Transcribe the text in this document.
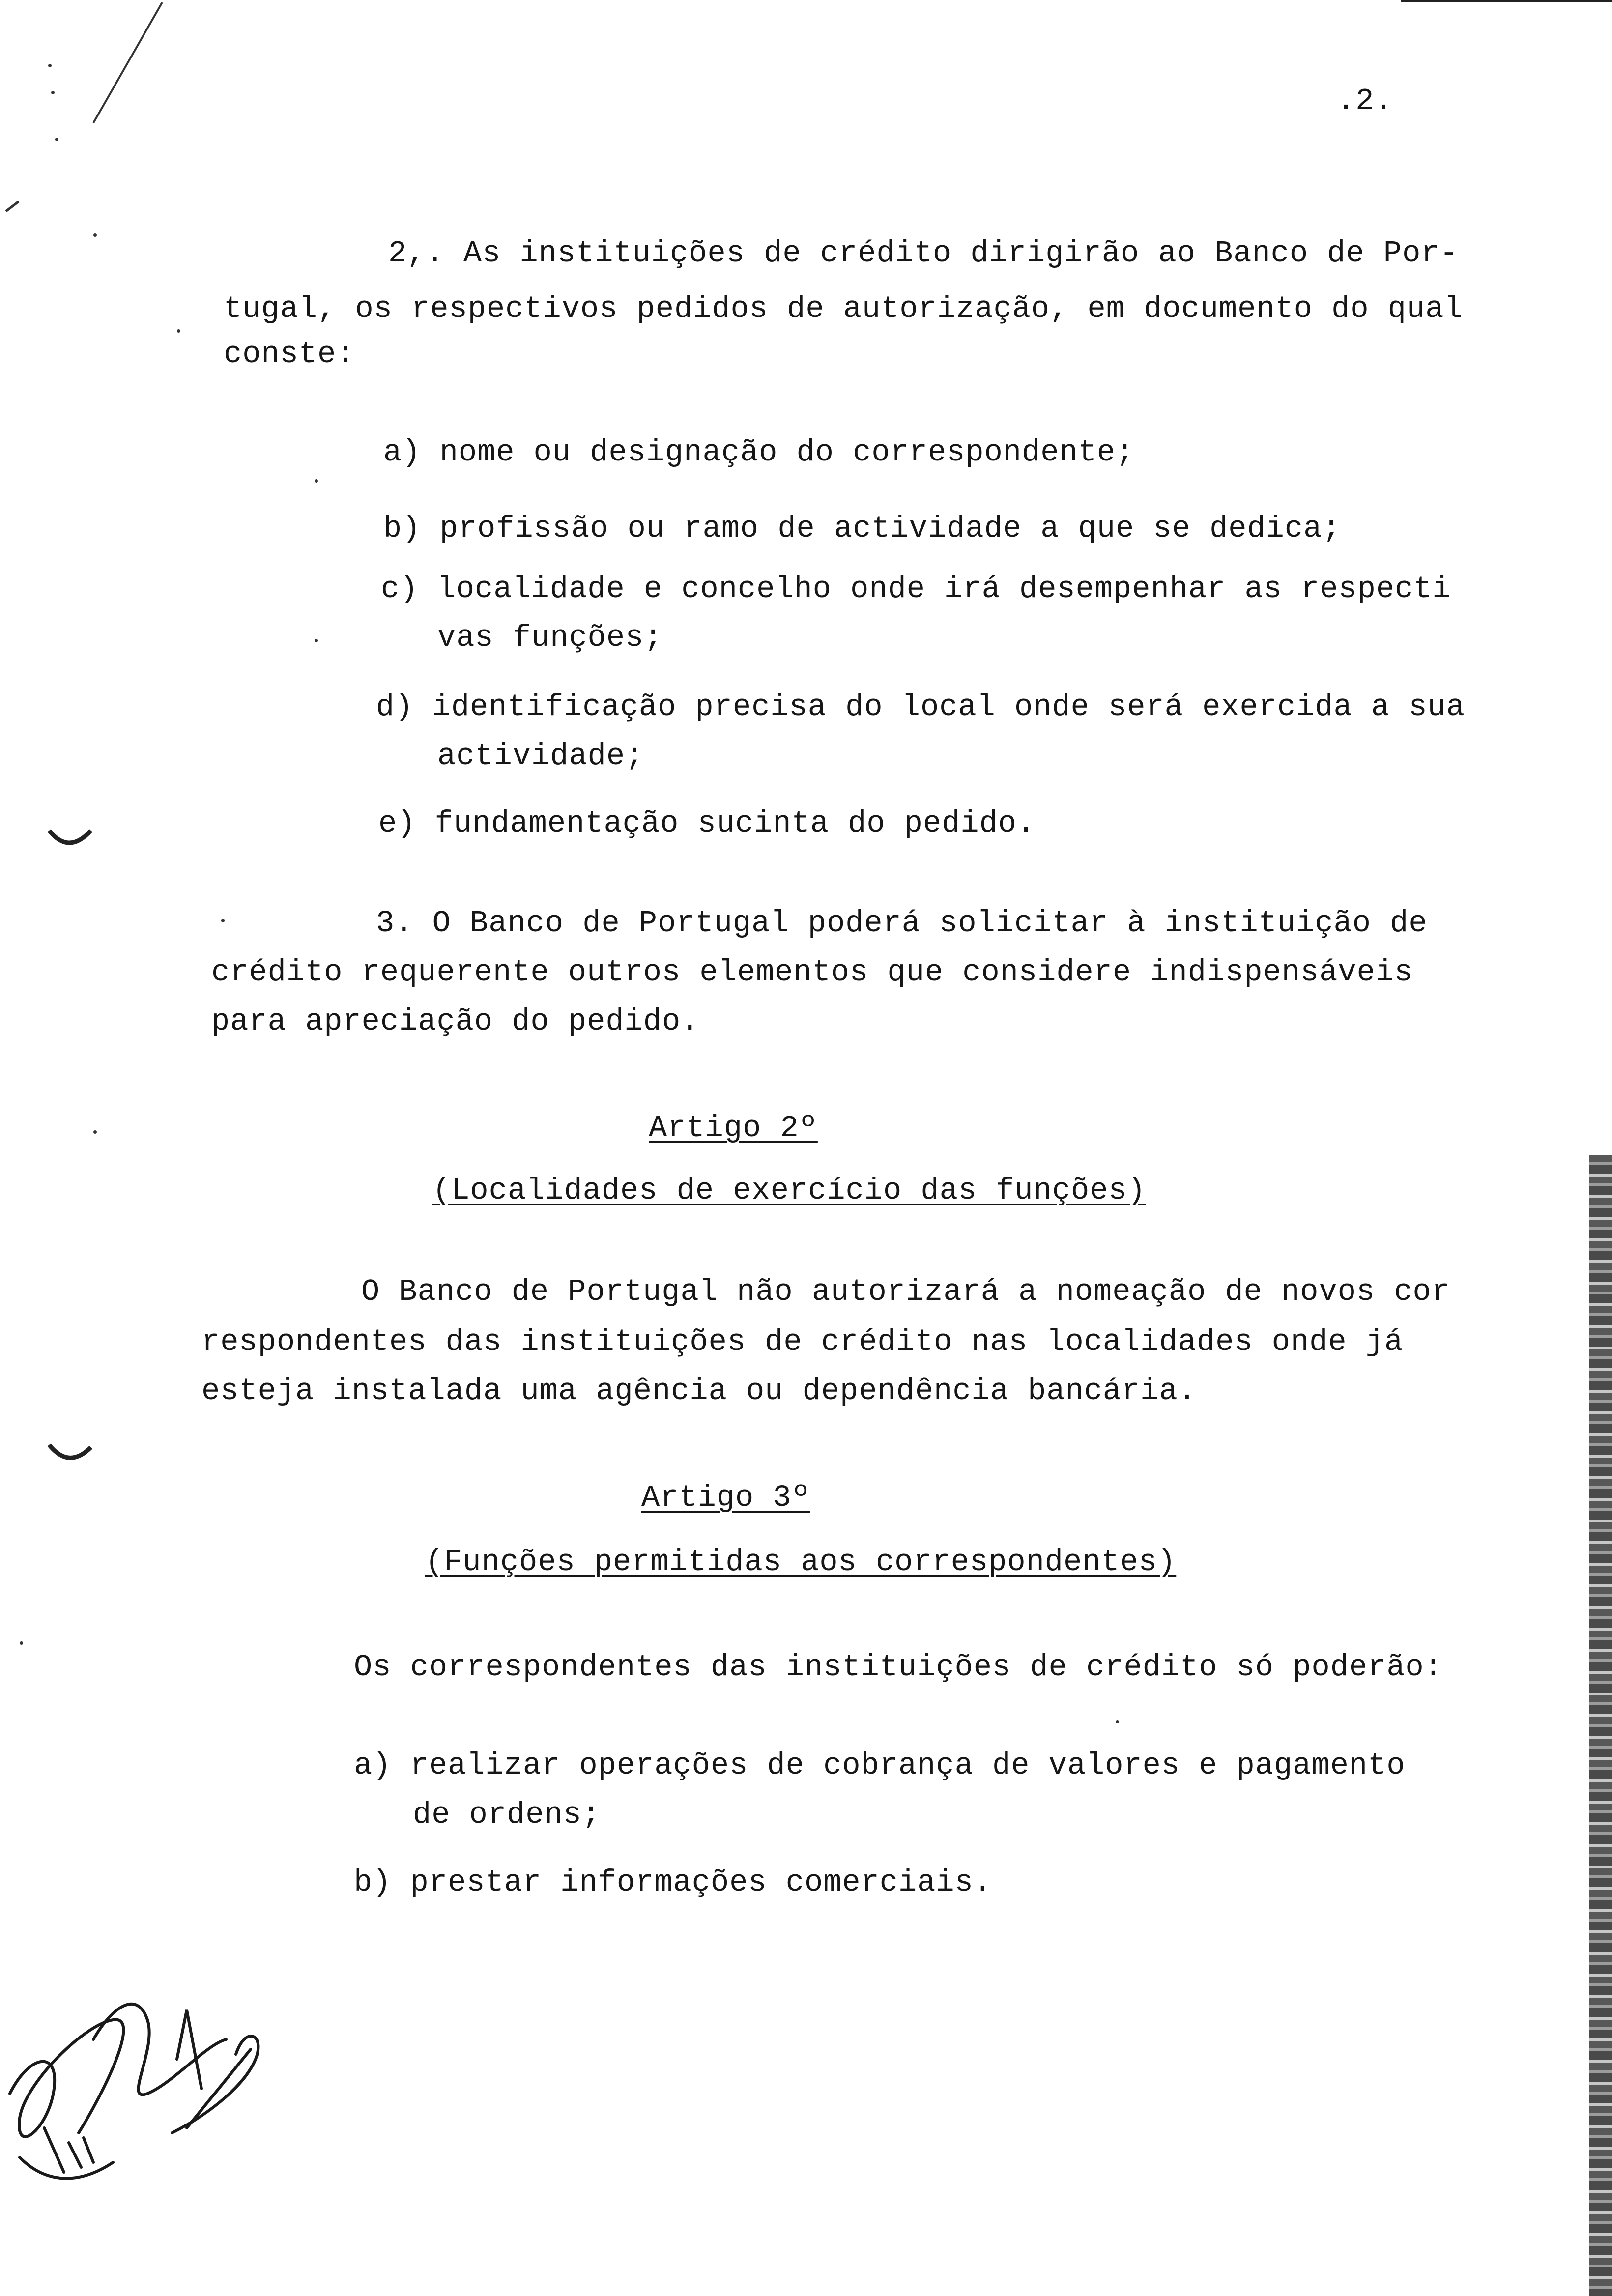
.2.
2,. As instituições de crédito dirigirão ao Banco de Por-
tugal, os respectivos pedidos de autorização, em documento do qual
conste:
a) nome ou designação do correspondente;
b) profissão ou ramo de actividade a que se dedica;
c) localidade e concelho onde irá desempenhar as respecti
vas funções;
d) identificação precisa do local onde será exercida a sua
actividade;
e) fundamentação sucinta do pedido.
3. O Banco de Portugal poderá solicitar à instituição de
crédito requerente outros elementos que considere indispensáveis
para apreciação do pedido.
Artigo 2º
(Localidades de exercício das funções)
O Banco de Portugal não autorizará a nomeação de novos cor
respondentes das instituições de crédito nas localidades onde já
esteja instalada uma agência ou dependência bancária.
Artigo 3º
(Funções permitidas aos correspondentes)
Os correspondentes das instituições de crédito só poderão:
a) realizar operações de cobrança de valores e pagamento
de ordens;
b) prestar informações comerciais.
